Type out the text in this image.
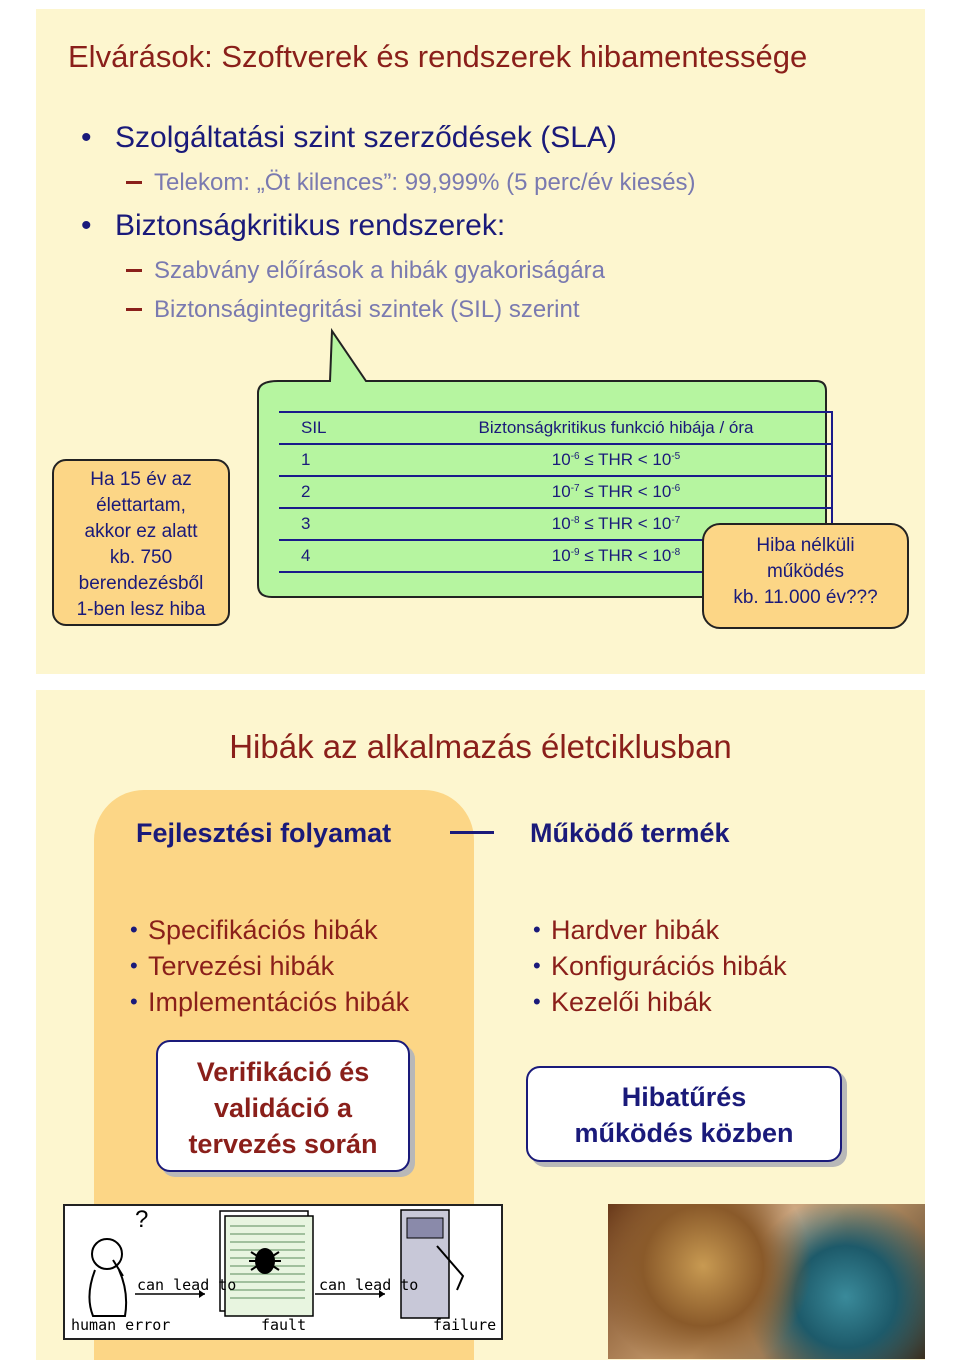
Elvárások: Szoftverek és rendszerek hibamentessége
• Szolgáltatási szint szerződések (SLA)
Telekom: „Öt kilences”: 99,999% (5 perc/év kiesés)
• Biztonságkritikus rendszerek:
Szabvány előírások a hibák gyakoriságára
Biztonságintegritási szintek (SIL) szerint
SIL	Biztonságkritikus funkció hibája / óra	
1	$10^{-6}$ ≤ THR < $10^{-5}$	
2	$10^{-7}$ ≤ THR < $10^{-6}$	
3	$10^{-8}$ ≤ THR < $10^{-7}$	
4	$10^{-9}$ ≤ THR < $10^{-8}$	
Ha 15 év az
élettartam,
akkor ez alatt
kb. 750
berendezésből
1-ben lesz hiba
Hiba nélküli
működés
kb. 11.000 év???
Hibák az alkalmazás életciklusban
Fejlesztési folyamat	Működő termék
• Specifikációs hibák
• Tervezési hibák
• Implementációs hibák
• Hardver hibák
• Konfigurációs hibák
• Kezelői hibák
Verifikáció és
validáció a
tervezés során
Hibatűrés
működés közben
?
can lead to	can lead to
human error	fault	failure
